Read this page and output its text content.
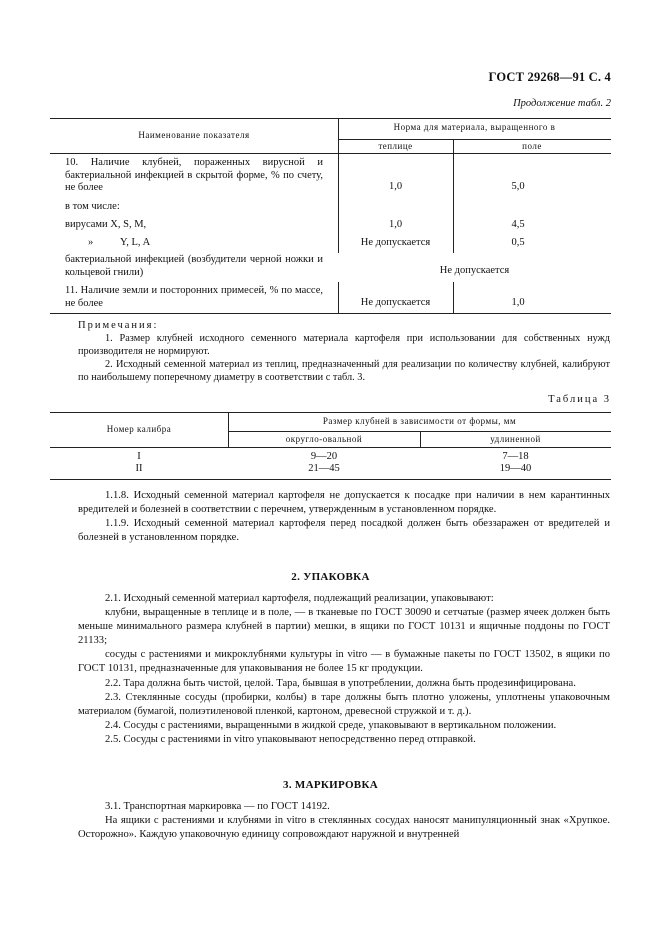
ГОСТ 29268—91 С. 4
Продолжение табл. 2
Наименование показателя
Норма для материала, выращенного в
теплице	поле
10. Наличие клубней, пораженных вирусной и бактериальной инфекцией в скрытой форме, % по счету, не более	1,0	5,0
в том числе:
вирусами X, S, M,	1,0	4,5
»	Y, L, A	Не допускается	0,5
бактериальной инфекцией (возбудители черной ножки и кольцевой гнили)	Не допускается
11. Наличие земли и посторонних примесей, % по массе, не более	Не допускается	1,0
Примечания:
1. Размер клубней исходного семенного материала картофеля при использовании для собственных нужд производителя не нормируют.
2. Исходный семенной материал из теплиц, предназначенный для реализации по количеству клубней, калибруют по наибольшему поперечному диаметру в соответствии с табл. 3.
Таблица 3
Номер калибра
Размер клубней в зависимости от формы, мм
округло-овальной	удлиненной
I	9—20	7—18
II	21—45	19—40
1.1.8. Исходный семенной материал картофеля не допускается к посадке при наличии в нем карантинных вредителей и болезней в соответствии с перечнем, утвержденным в установленном порядке.
1.1.9. Исходный семенной материал картофеля перед посадкой должен быть обеззаражен от вредителей и болезней в установленном порядке.
2. УПАКОВКА
2.1. Исходный семенной материал картофеля, подлежащий реализации, упаковывают:
клубни, выращенные в теплице и в поле, — в тканевые по ГОСТ 30090 и сетчатые (размер ячеек должен быть меньше минимального размера клубней в партии) мешки, в ящики по ГОСТ 10131 и ящичные поддоны по ГОСТ 21133;
сосуды с растениями и микроклубнями культуры in vitro — в бумажные пакеты по ГОСТ 13502, в ящики по ГОСТ 10131, предназначенные для упаковывания не более 15 кг продукции.
2.2. Тара должна быть чистой, целой. Тара, бывшая в употреблении, должна быть продезинфицирована.
2.3. Стеклянные сосуды (пробирки, колбы) в таре должны быть плотно уложены, уплотнены упаковочным материалом (бумагой, полиэтиленовой пленкой, картоном, древесной стружкой и т. д.).
2.4. Сосуды с растениями, выращенными в жидкой среде, упаковывают в вертикальном положении.
2.5. Сосуды с растениями in vitro упаковывают непосредственно перед отправкой.
3. МАРКИРОВКА
3.1. Транспортная маркировка — по ГОСТ 14192.
На ящики с растениями и клубнями in vitro в стеклянных сосудах наносят манипуляционный знак «Хрупкое. Осторожно». Каждую упаковочную единицу сопровождают наружной и внутренней
